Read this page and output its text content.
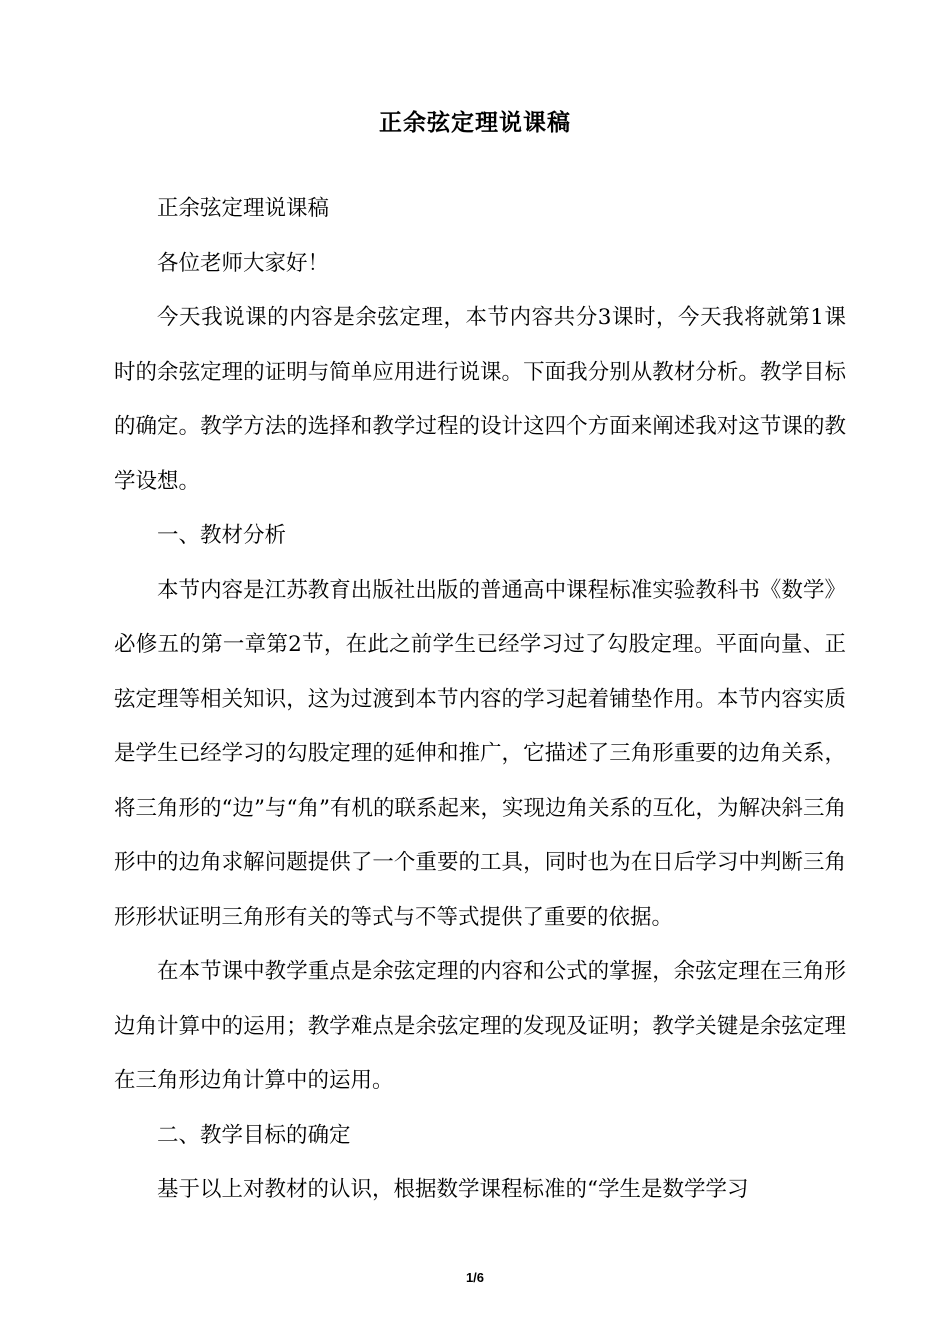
正余弦定理说课稿

正余弦定理说课稿

各位老师大家好！

今天我说课的内容是余弦定理，本节内容共分3课时，今天我将就第1课时的余弦定理的证明与简单应用进行说课。下面我分别从教材分析。教学目标的确定。教学方法的选择和教学过程的设计这四个方面来阐述我对这节课的教学设想。

一、教材分析

本节内容是江苏教育出版社出版的普通高中课程标准实验教科书《数学》必修五的第一章第2节，在此之前学生已经学习过了勾股定理。平面向量、正弦定理等相关知识，这为过渡到本节内容的学习起着铺垫作用。本节内容实质是学生已经学习的勾股定理的延伸和推广，它描述了三角形重要的边角关系，将三角形的“边”与“角”有机的联系起来，实现边角关系的互化，为解决斜三角形中的边角求解问题提供了一个重要的工具，同时也为在日后学习中判断三角形形状证明三角形有关的等式与不等式提供了重要的依据。

在本节课中教学重点是余弦定理的内容和公式的掌握，余弦定理在三角形边角计算中的运用；教学难点是余弦定理的发现及证明；教学关键是余弦定理在三角形边角计算中的运用。

二、教学目标的确定

基于以上对教材的认识，根据数学课程标准的“学生是数学学习

1/6
